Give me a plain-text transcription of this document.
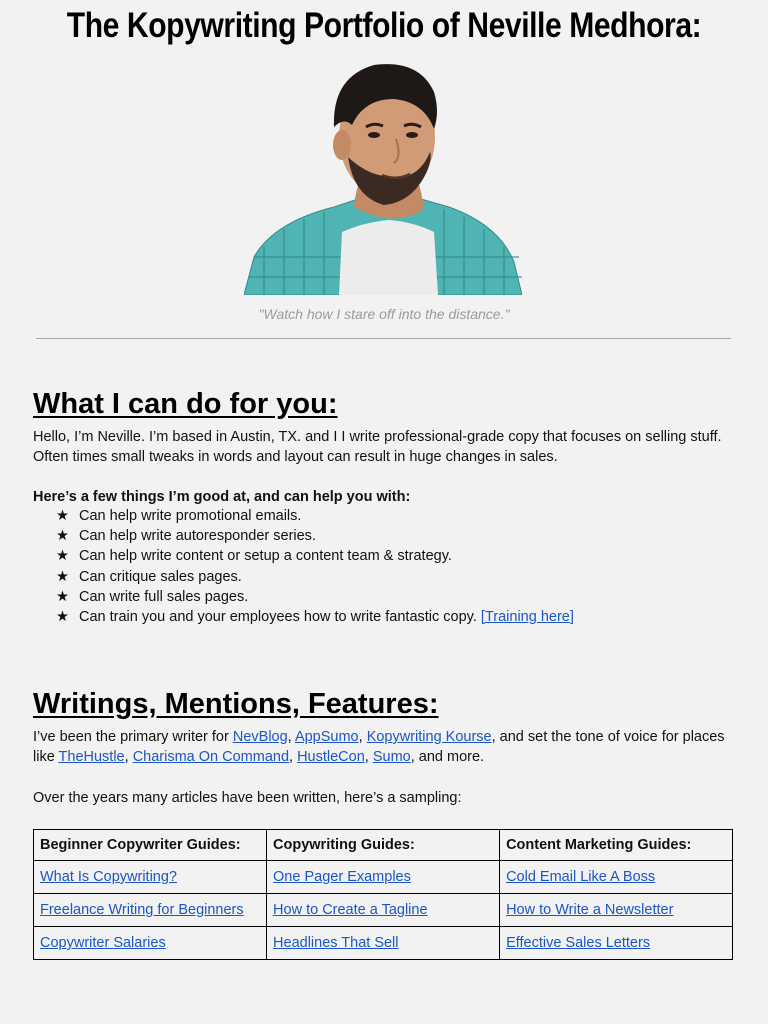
The Kopywriting Portfolio of Neville Medhora:
"Watch how I stare off into the distance."
What I can do for you:
Hello, I’m Neville. I’m based in Austin, TX. and I I write professional-grade copy that focuses on selling stuff. Often times small tweaks in words and layout can result in huge changes in sales.
Here’s a few things I’m good at, and can help you with:
★ Can help write promotional emails.
★ Can help write autoresponder series.
★ Can help write content or setup a content team & strategy.
★ Can critique sales pages.
★ Can write full sales pages.
★ Can train you and your employees how to write fantastic copy. [Training here]
Writings, Mentions, Features:
I’ve been the primary writer for NevBlog, AppSumo, Kopywriting Kourse, and set the tone of voice for places like TheHustle, Charisma On Command, HustleCon, Sumo, and more.
Over the years many articles have been written, here’s a sampling:
Beginner Copywriter Guides:	Copywriting Guides:	Content Marketing Guides:
What Is Copywriting?	One Pager Examples	Cold Email Like A Boss
Freelance Writing for Beginners	How to Create a Tagline	How to Write a Newsletter
Copywriter Salaries	Headlines That Sell	Effective Sales Letters
